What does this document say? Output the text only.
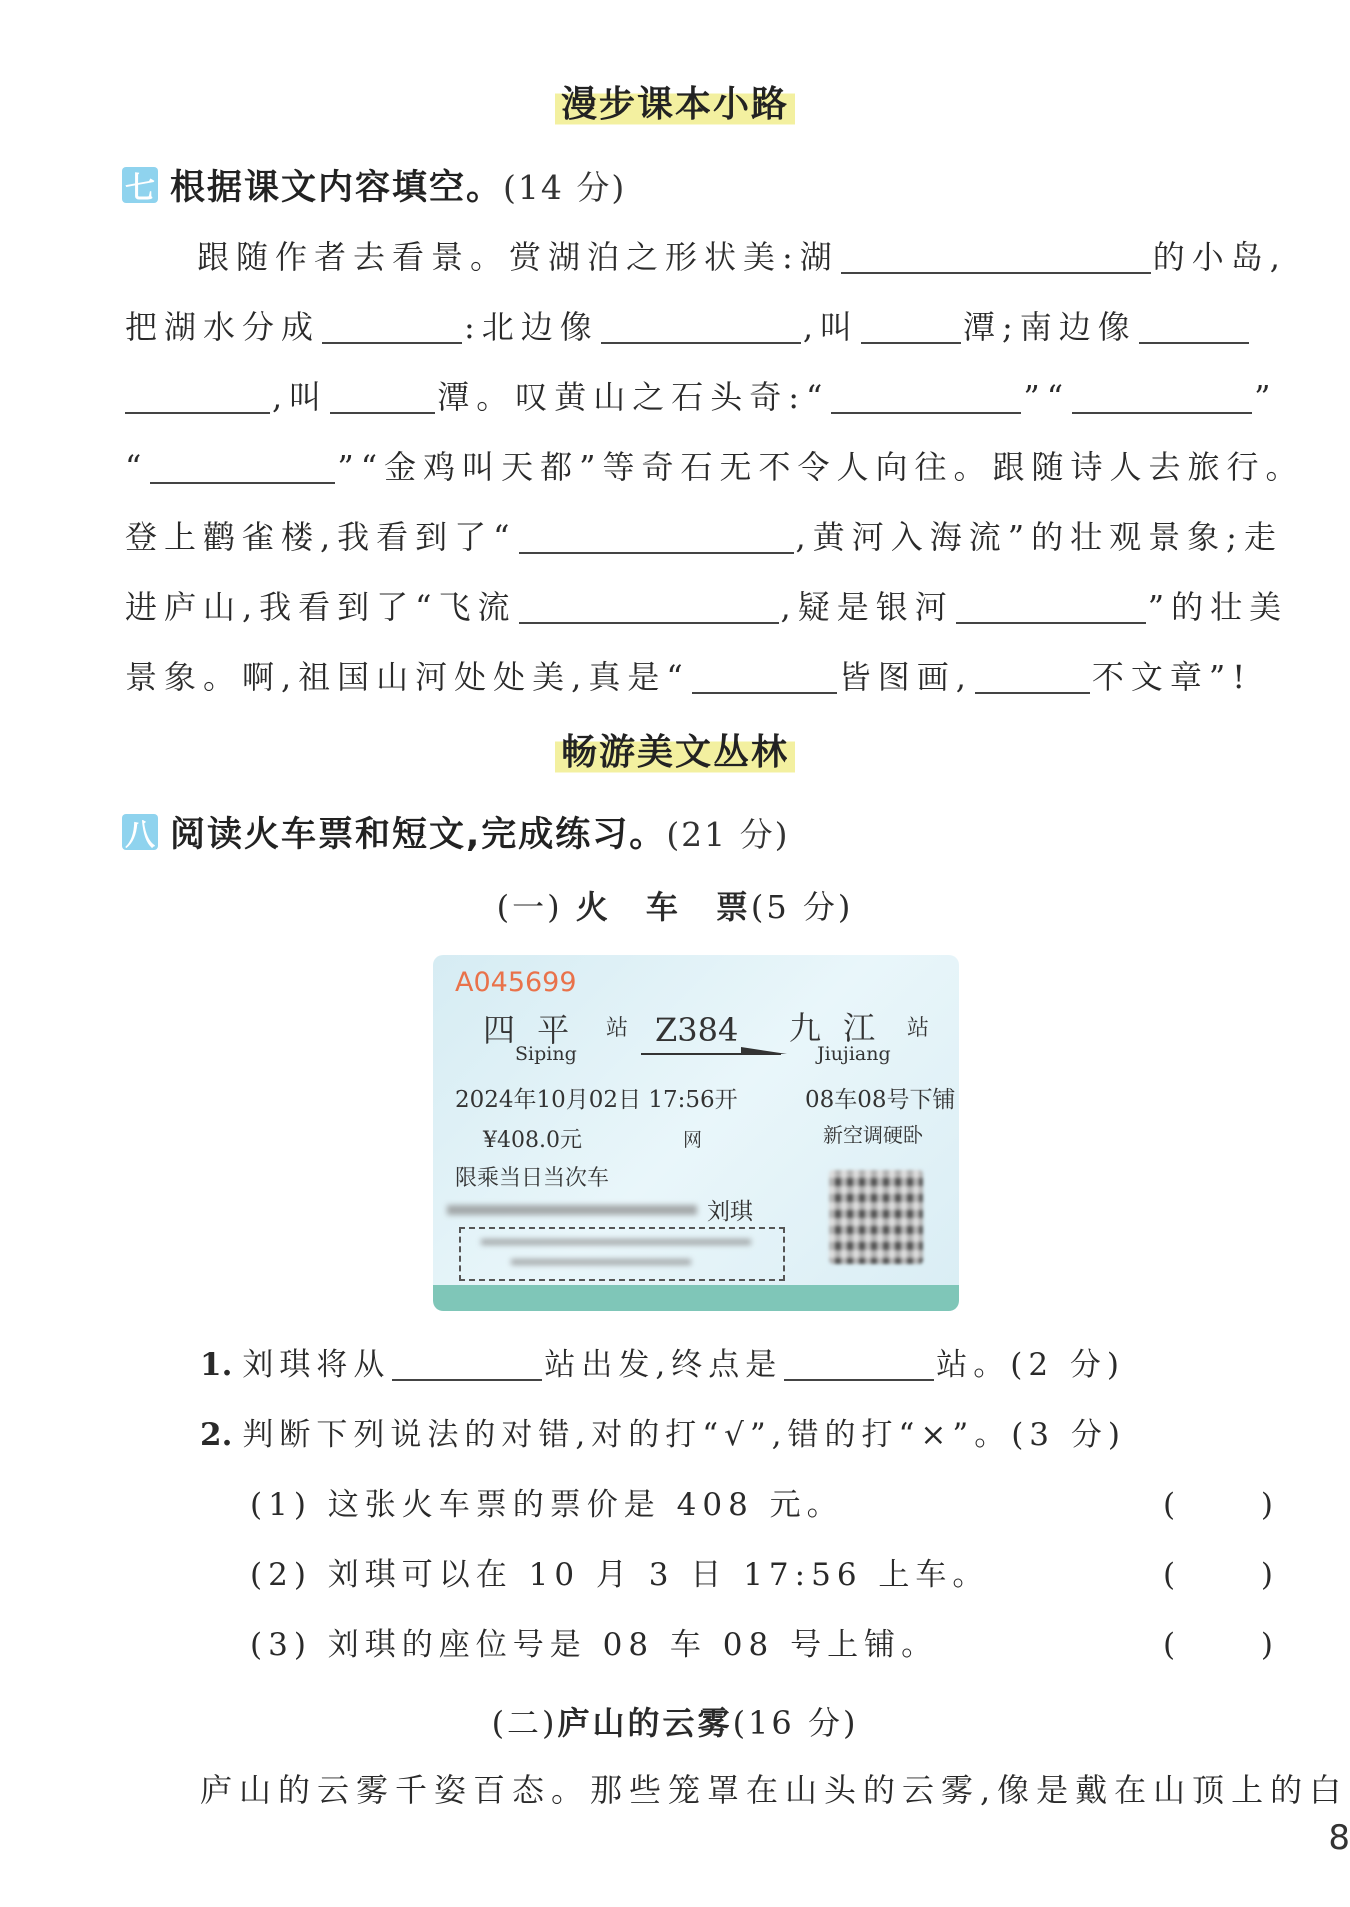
漫步课本小路
七 根据课文内容填空。 (14 分)
跟随作者去看景。赏湖泊之形状美:湖	的小岛,
把湖水分成	:北边像	,叫	潭;南边像
,叫	潭。叹黄山之石头奇:“	”“	”
“	”“金鸡叫天都”等奇石无不令人向往。跟随诗人去旅行。
登上鹳雀楼,我看到了“	,黄河入海流”的壮观景象;走
进庐山,我看到了“飞流	,疑是银河	”的壮美
景象。啊,祖国山河处处美,真是“	皆图画,	不文章”!
畅游美文丛林
八 阅读火车票和短文,完成练习。 (21 分)
(一) 火　车　票(5 分)
A045699
四 平 站
Siping
Z384 九 江 站
Jiujiang
2024年10月02日 17:56开	08车08号下铺
¥408.0元	网	新空调硬卧
限乘当日当次车
刘琪
1. 刘琪将从	站出发,终点是	站。(2 分)
2. 判断下列说法的对错,对的打“√”,错的打“×”。(3 分)
(1) 这张火车票的票价是 408 元。	(	)
(2) 刘琪可以在 10 月 3 日 17:56 上车。	(	)
(3) 刘琪的座位号是 08 车 08 号上铺。	(	)
(二)庐山的云雾(16 分)
庐山的云雾千姿百态。那些笼罩在山头的云雾,像是戴在山顶上的白
8
